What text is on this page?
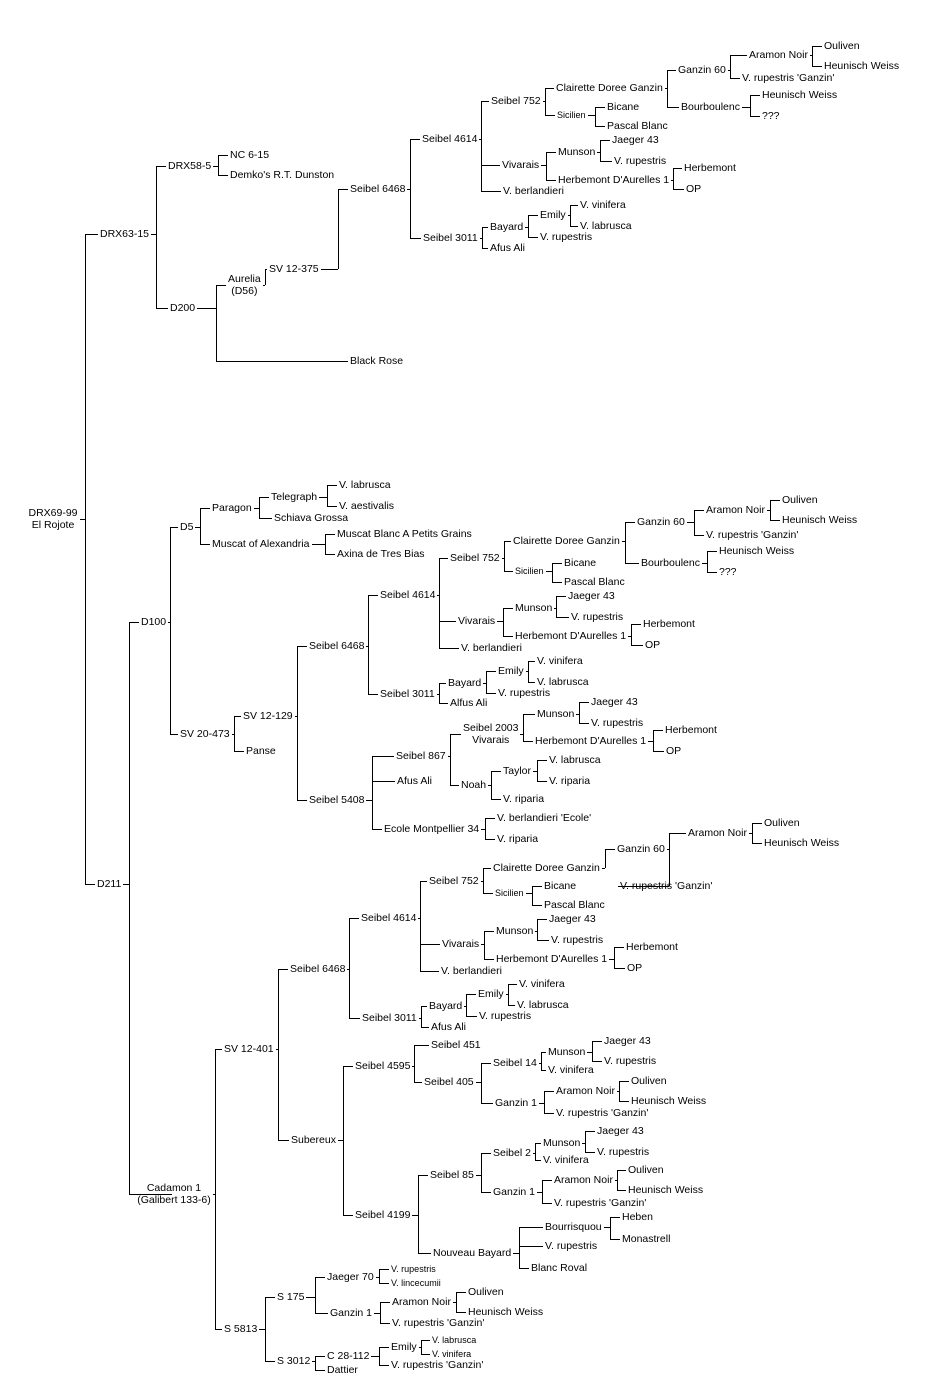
DRX69-99
El Rojote
DRX63-15
DRX58-5
NC 6-15
Demko's R.T. Dunston
D200
Aurelia
(D56)
SV 12-375
Seibel 6468
Seibel 4614
Seibel 752
Clairette Doree Ganzin
Ganzin 60
Aramon Noir
Ouliven
Heunisch Weiss
V. rupestris 'Ganzin'
Bourboulenc
Heunisch Weiss
???
Sicilien
Bicane
Pascal Blanc
Vivarais
Munson
Jaeger 43
V. rupestris
Herbemont D'Aurelles 1
Herbemont
OP
V. berlandieri
Seibel 3011
Bayard
Emily
V. vinifera
V. labrusca
V. rupestris
Afus Ali
Black Rose
D211
D100
D5
Paragon
Telegraph
V. labrusca
V. aestivalis
Schiava Grossa
Muscat of Alexandria
Muscat Blanc A Petits Grains
Axina de Tres Bias
SV 20-473
SV 12-129
Seibel 6468
Seibel 4614
Seibel 752
Clairette Doree Ganzin
Ganzin 60
Aramon Noir
Ouliven
Heunisch Weiss
V. rupestris 'Ganzin'
Bourboulenc
Heunisch Weiss
???
Sicilien
Bicane
Pascal Blanc
Vivarais
Munson
Jaeger 43
V. rupestris
Herbemont D'Aurelles 1
Herbemont
OP
V. berlandieri
Seibel 3011
Bayard
Emily
V. vinifera
V. labrusca
V. rupestris
Alfus Ali
Seibel 5408
Seibel 867
Seibel 2003
Vivarais
Munson
Jaeger 43
V. rupestris
Herbemont D'Aurelles 1
Herbemont
OP
Noah
Taylor
V. labrusca
V. riparia
V. riparia
Afus Ali
Ecole Montpellier 34
V. berlandieri 'Ecole'
V. riparia
Panse
Cadamon 1
(Galibert 133-6)
SV 12-401
Seibel 6468
Seibel 4614
Seibel 752
Clairette Doree Ganzin
Ganzin 60
Aramon Noir
Ouliven
Heunisch Weiss
V. rupestris 'Ganzin'
Sicilien
Bicane
Pascal Blanc
Vivarais
Munson
Jaeger 43
V. rupestris
Herbemont D'Aurelles 1
Herbemont
OP
V. berlandieri
Seibel 3011
Bayard
Emily
V. vinifera
V. labrusca
V. rupestris
Afus Ali
Subereux
Seibel 4595
Seibel 451
Seibel 405
Seibel 14
Munson
Jaeger 43
V. rupestris
V. vinifera
Ganzin 1
Aramon Noir
Ouliven
Heunisch Weiss
V. rupestris 'Ganzin'
Seibel 4199
Seibel 85
Seibel 2
Munson
Jaeger 43
V. rupestris
V. vinifera
Ganzin 1
Aramon Noir
Ouliven
Heunisch Weiss
V. rupestris 'Ganzin'
Nouveau Bayard
Bourrisquou
Heben
Monastrell
V. rupestris
Blanc Roval
S 5813
S 175
Jaeger 70
V. rupestris
V. lincecumii
Ganzin 1
Aramon Noir
Ouliven
Heunisch Weiss
V. rupestris 'Ganzin'
S 3012 C 28-112
Emily
V. labrusca
V. vinifera
V. rupestris 'Ganzin'
Dattier
